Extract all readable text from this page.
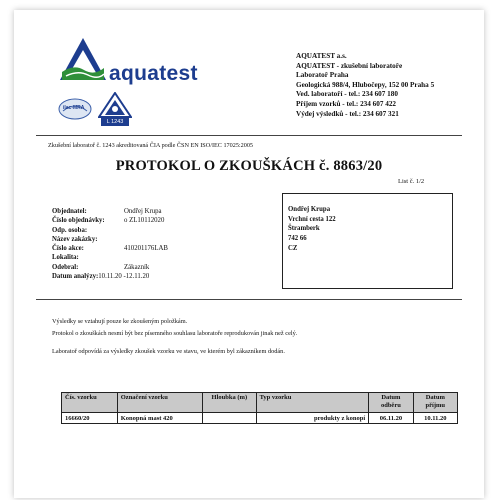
aquatest
ilac-MRA
L 1243
AQUATEST a.s.
AQUATEST - zkušební laboratoře
Laboratoř Praha
Geologická 988/4, Hlubočepy, 152 00 Praha 5
Ved. laboratoří - tel.: 234 607 180
Příjem vzorků - tel.: 234 607 422
Výdej výsledků - tel.: 234 607 321
Zkušební laboratoř č. 1243 akreditovaná ČIA podle ČSN EN ISO/IEC 17025:2005
PROTOKOL O ZKOUŠKÁCH č. 8863/20
List č. 1/2
Objednatel:	Ondřej Krupa
Číslo objednávky:	o ZL10112020
Odp. osoba:
Název zakázky:
Číslo akce:	410201176LAB
Lokalita:
Odebral:	Zákazník
Datum analýzy: 10.11.20 -12.11.20
Ondřej Krupa
Vrchní cesta 122
Štramberk
742 66
CZ
Výsledky se vztahují pouze ke zkoušeným položkám.
Protokol o zkouškách nesmí být bez písemného souhlasu laboratoře reprodukován jinak než celý.
Laboratoř odpovídá za výsledky zkoušek vzorku ve stavu, ve kterém byl zákazníkem dodán.
Čís. vzorku	Označení vzorku	Hloubka (m)	Typ vzorku	Datum odběru	Datum příjmu
16660/20	Konopná mast 420		produkty z konopí	06.11.20	10.11.20
